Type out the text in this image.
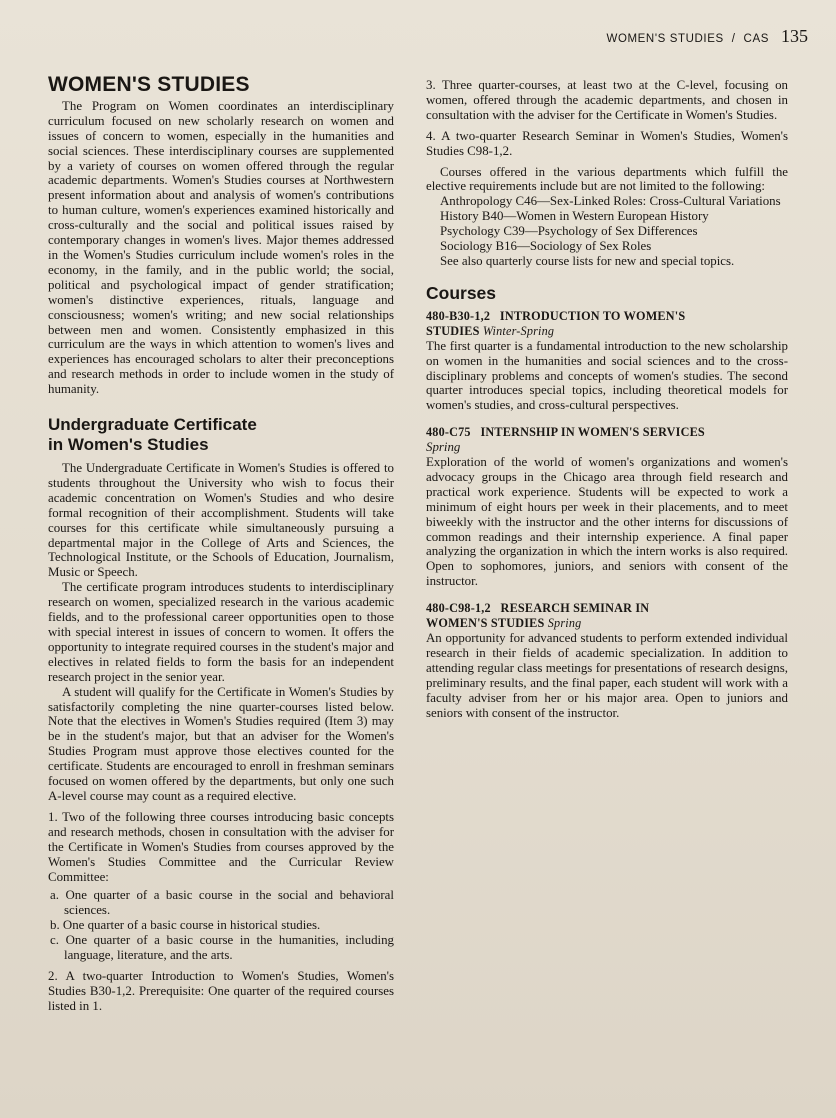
WOMEN'S STUDIES / CAS 135
WOMEN'S STUDIES

The Program on Women coordinates an interdisciplinary curriculum focused on new scholarly research on women and issues of concern to women, especially in the humanities and social sciences. These interdisciplinary courses are supplemented by a variety of courses on women offered through the regular academic departments. Women's Studies courses at Northwestern present information about and analysis of women's contributions to human culture, women's experiences examined historically and cross-culturally and the social and political issues raised by contemporary changes in women's lives. Major themes addressed in the Women's Studies curriculum include women's roles in the economy, in the family, and in the public world; the social, political and psychological impact of gender stratification; women's distinctive experiences, rituals, language and consciousness; women's writing; and new social relationships between men and women. Consistently emphasized in this curriculum are the ways in which attention to women's lives and experiences has encouraged scholars to alter their preconceptions and research methods in order to include women in the study of humanity.

Undergraduate Certificate
in Women's Studies

The Undergraduate Certificate in Women's Studies is offered to students throughout the University who wish to focus their academic concentration on Women's Studies and who desire formal recognition of their accomplishment. Students will take courses for this certificate while simultaneously pursuing a departmental major in the College of Arts and Sciences, the Technological Institute, or the Schools of Education, Journalism, Music or Speech.

The certificate program introduces students to interdisciplinary research on women, specialized research in the various academic fields, and to the professional career opportunities open to those with special interest in issues of concern to women. It offers the opportunity to integrate required courses in the student's major and electives in related fields to form the basis for an independent research project in the senior year.

A student will qualify for the Certificate in Women's Studies by satisfactorily completing the nine quarter-courses listed below. Note that the electives in Women's Studies required (Item 3) may be in the student's major, but that an adviser for the Women's Studies Program must approve those electives counted for the certificate. Students are encouraged to enroll in freshman seminars focused on women offered by the departments, but only one such A-level course may count as a required elective.

1. Two of the following three courses introducing basic concepts and research methods, chosen in consultation with the adviser for the Certificate in Women's Studies from courses approved by the Women's Studies Committee and the Curricular Review Committee:

a. One quarter of a basic course in the social and behavioral sciences.
b. One quarter of a basic course in historical studies.
c. One quarter of a basic course in the humanities, including language, literature, and the arts.

2. A two-quarter Introduction to Women's Studies, Women's Studies B30-1,2. Prerequisite: One quarter of the required courses listed in 1.

3. Three quarter-courses, at least two at the C-level, focusing on women, offered through the academic departments, and chosen in consultation with the adviser for the Certificate in Women's Studies.

4. A two-quarter Research Seminar in Women's Studies, Women's Studies C98-1,2.

Courses offered in the various departments which fulfill the elective requirements include but are not limited to the following:

Anthropology C46—Sex-Linked Roles: Cross-Cultural Variations
History B40—Women in Western European History
Psychology C39—Psychology of Sex Differences
Sociology B16—Sociology of Sex Roles
See also quarterly course lists for new and special topics.
Courses
480-B30-1,2   INTRODUCTION TO WOMEN'S
STUDIES Winter-Spring

The first quarter is a fundamental introduction to the new scholarship on women in the humanities and social sciences and to the cross-disciplinary problems and concepts of women's studies. The second quarter introduces special topics, including theoretical models for women's studies, and cross-cultural perspectives.

480-C75   INTERNSHIP IN WOMEN'S SERVICES
Spring

Exploration of the world of women's organizations and women's advocacy groups in the Chicago area through field research and practical work experience. Students will be expected to work a minimum of eight hours per week in their placements, and to meet biweekly with the instructor and the other interns for discussions of common readings and their internship experience. A final paper analyzing the organization in which the intern works is also required. Open to sophomores, juniors, and seniors with consent of the instructor.

480-C98-1,2   RESEARCH SEMINAR IN
WOMEN'S STUDIES Spring

An opportunity for advanced students to perform extended individual research in their fields of academic specialization. In addition to attending regular class meetings for presentations of research designs, preliminary results, and the final paper, each student will work with a faculty adviser from her or his major area. Open to juniors and seniors with consent of the instructor.
